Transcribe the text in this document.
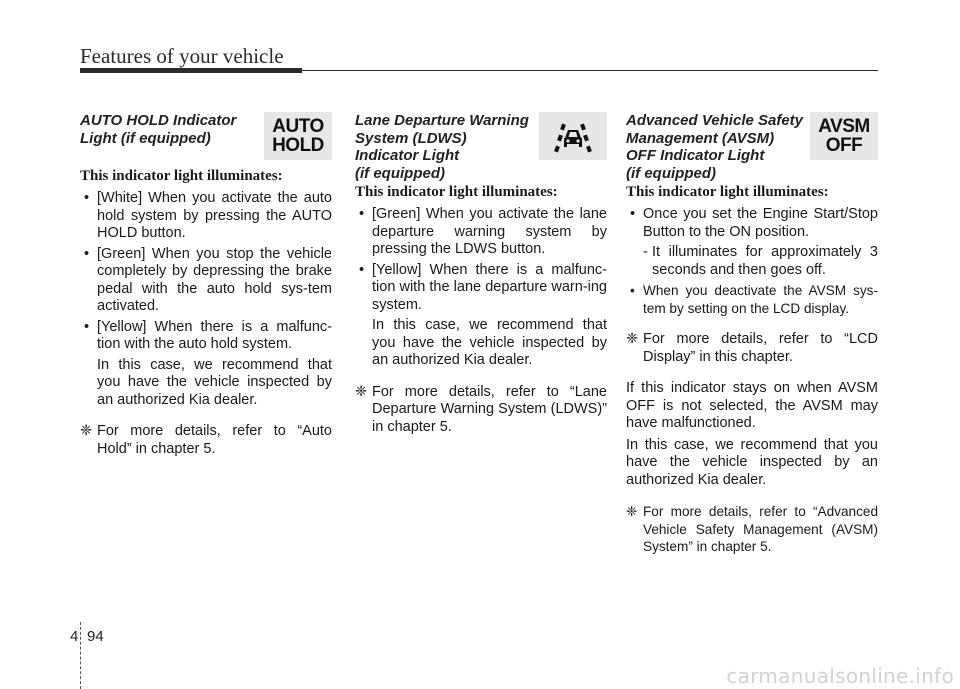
Features of your vehicle
AUTO HOLD Indicator Light (if equipped)
AUTO
HOLD
This indicator light illuminates:
• [White] When you activate the auto hold system by pressing the AUTO HOLD button.
• [Green] When you stop the vehicle completely by depressing the brake pedal with the auto hold sys-tem activated.
• [Yellow] When there is a malfunc-tion with the auto hold system.
In this case, we recommend that you have the vehicle inspected by an authorized Kia dealer.
❈ For more details, refer to “Auto Hold” in chapter 5.
Lane Departure Warning
System (LDWS)
Indicator Light
(if equipped)
This indicator light illuminates:
• [Green] When you activate the lane departure warning system by pressing the LDWS button.
• [Yellow] When there is a malfunc-tion with the lane departure warn-ing system.
In this case, we recommend that you have the vehicle inspected by an authorized Kia dealer.
❈ For more details, refer to “Lane Departure Warning System (LDWS)” in chapter 5.
Advanced Vehicle Safety
Management (AVSM)
OFF Indicator Light
(if equipped)
AVSM
OFF
This indicator light illuminates:
• Once you set the Engine Start/Stop Button to the ON position.
- It illuminates for approximately 3 seconds and then goes off.
• When you deactivate the AVSM sys-tem by setting on the LCD display.
❈ For more details, refer to “LCD Display” in this chapter.
If this indicator stays on when AVSM OFF is not selected, the AVSM may have malfunctioned.
In this case, we recommend that you have the vehicle inspected by an authorized Kia dealer.
❈ For more details, refer to “Advanced Vehicle Safety Management (AVSM) System” in chapter 5.
4 94
carmanualsonline.info
